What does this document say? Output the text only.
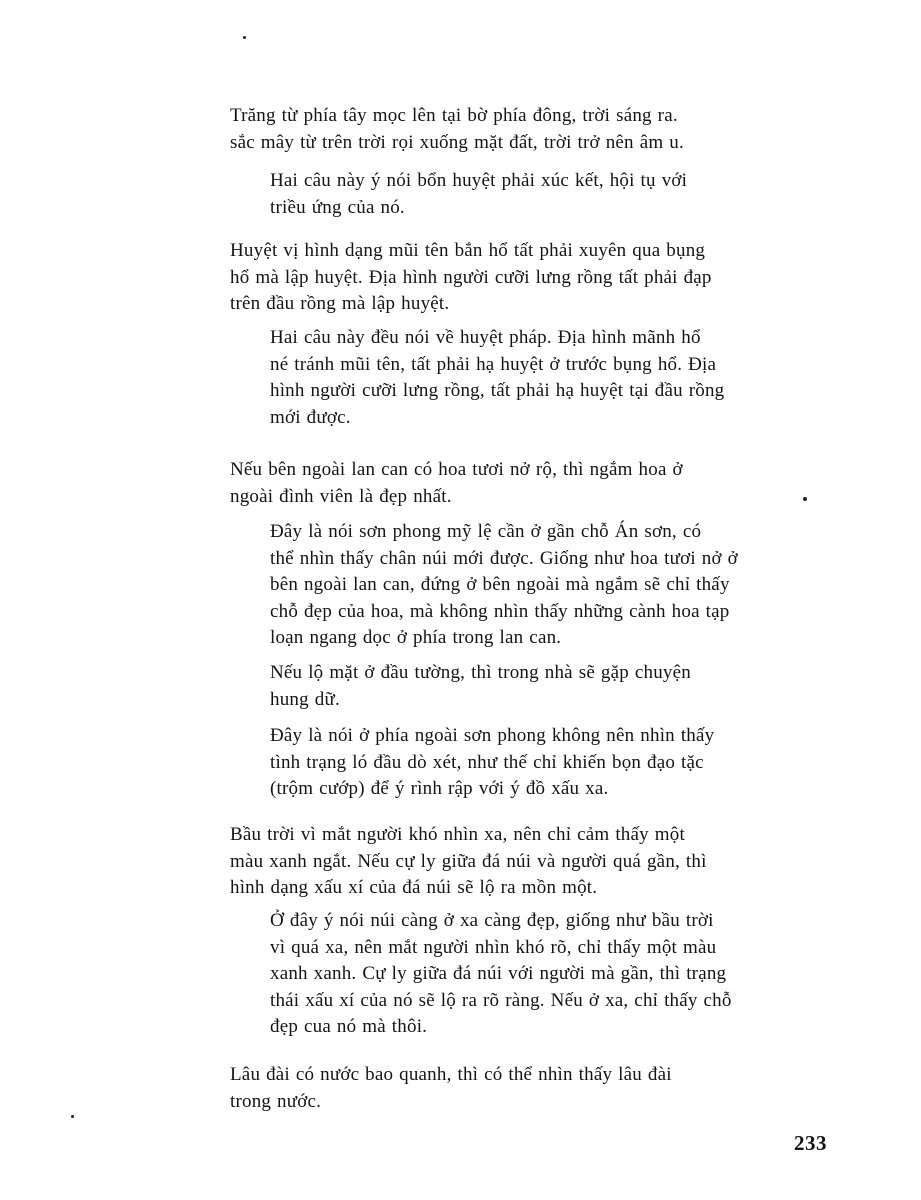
Trăng từ phía tây mọc lên tại bờ phía đông, trời sáng ra.
sắc mây từ trên trời rọi xuống mặt đất, trời trở nên âm u.
Hai câu này ý nói bổn huyệt phải xúc kết, hội tụ với
triều ứng của nó.
Huyệt vị hình dạng mũi tên bắn hổ tất phải xuyên qua bụng
hổ mà lập huyệt. Địa hình người cưỡi lưng rồng tất phải đạp
trên đầu rồng mà lập huyệt.
Hai câu này đều nói về huyệt pháp. Địa hình mãnh hổ
né tránh mũi tên, tất phải hạ huyệt ở trước bụng hổ. Địa
hình người cưỡi lưng rồng, tất phải hạ huyệt tại đầu rồng
mới được.
Nếu bên ngoài lan can có hoa tươi nở rộ, thì ngắm hoa ở
ngoài đình viên là đẹp nhất.
Đây là nói sơn phong mỹ lệ cần ở gần chỗ Án sơn, có
thể nhìn thấy chân núi mới được. Giống như hoa tươi nở ở
bên ngoài lan can, đứng ở bên ngoài mà ngắm sẽ chỉ thấy
chỗ đẹp của hoa, mà không nhìn thấy những cành hoa tạp
loạn ngang dọc ở phía trong lan can.
Nếu lộ mặt ở đầu tường, thì trong nhà sẽ gặp chuyện
hung dữ.
Đây là nói ở phía ngoài sơn phong không nên nhìn thấy
tình trạng ló đầu dò xét, như thế chỉ khiến bọn đạo tặc
(trộm cướp) để ý rình rập với ý đồ xấu xa.
Bầu trời vì mắt người khó nhìn xa, nên chỉ cảm thấy một
màu xanh ngắt. Nếu cự ly giữa đá núi và người quá gần, thì
hình dạng xấu xí của đá núi sẽ lộ ra mồn một.
Ở đây ý nói núi càng ở xa càng đẹp, giống như bầu trời
vì quá xa, nên mắt người nhìn khó rõ, chỉ thấy một màu
xanh xanh. Cự ly giữa đá núi với người mà gần, thì trạng
thái xấu xí của nó sẽ lộ ra rõ ràng. Nếu ở xa, chỉ thấy chỗ
đẹp cua nó mà thôi.
Lâu đài có nước bao quanh, thì có thể nhìn thấy lâu đài
trong nước.
233
